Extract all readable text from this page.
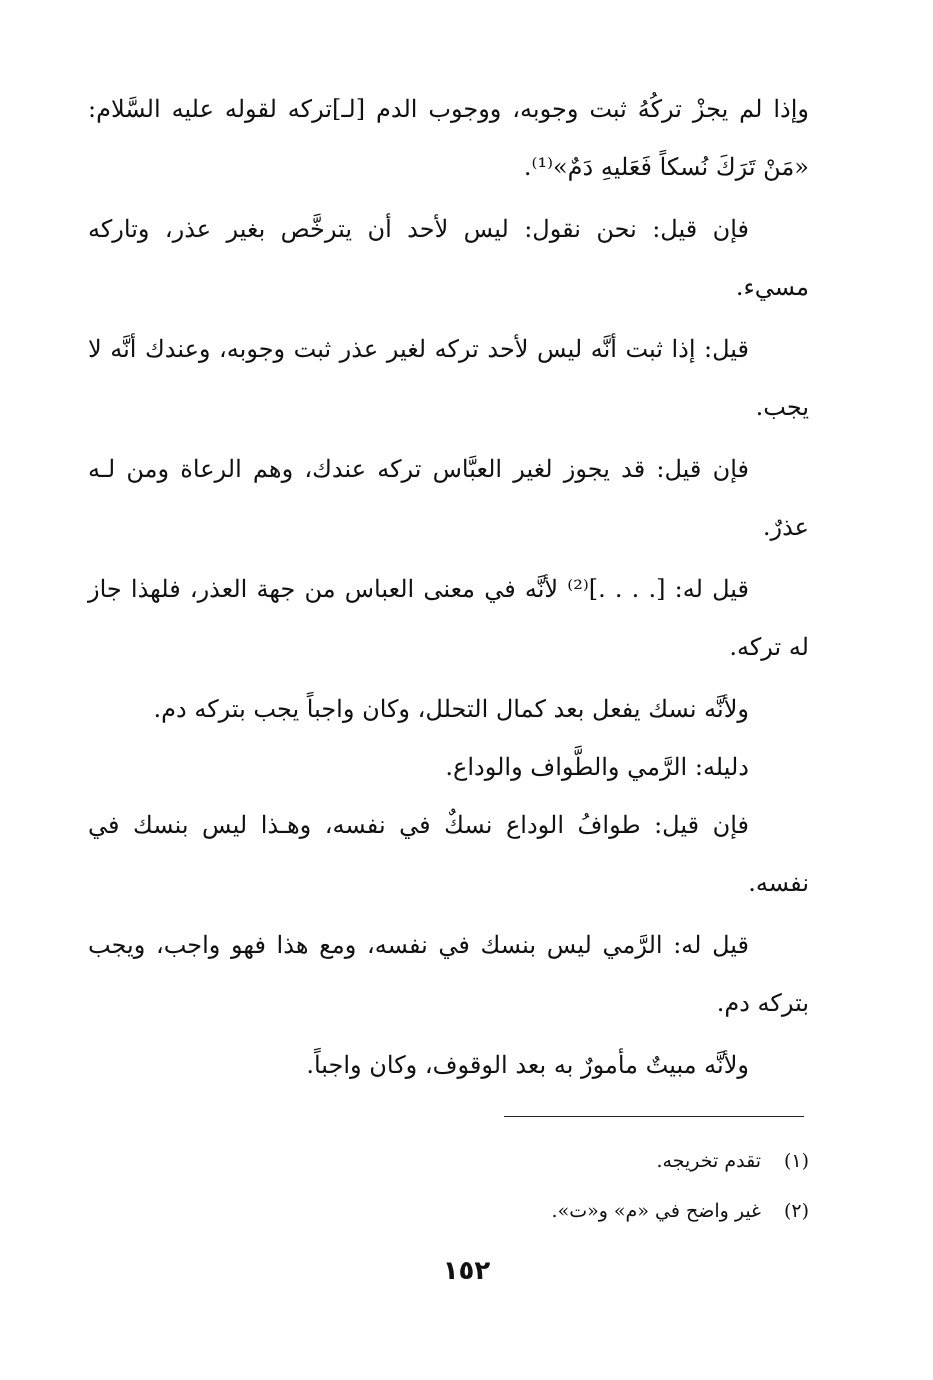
وإذا لم يجزْ تركُهُ ثبت وجوبه، ووجوب الدم [لـ]تركه لقوله عليه السَّلام: «مَنْ تَرَكَ نُسكاً فَعَليهِ دَمٌ»⁽¹⁾.

فإن قيل: نحن نقول: ليس لأحد أن يترخَّص بغير عذر، وتاركه مسيء.

قيل: إذا ثبت أنَّه ليس لأحد تركه لغير عذر ثبت وجوبه، وعندك أنَّه لا يجب.

فإن قيل: قد يجوز لغير العبَّاس تركه عندك، وهم الرعاة ومن لـه عذرٌ.

قيل له: [. . . .]⁽²⁾ لأنَّه في معنى العباس من جهة العذر، فلهذا جاز له تركه.

ولأنَّه نسك يفعل بعد كمال التحلل، وكان واجباً يجب بتركه دم.

دليله: الرَّمي والطَّواف والوداع.

فإن قيل: طوافُ الوداع نسكٌ في نفسه، وهـذا ليس بنسك في نفسه.

قيل له: الرَّمي ليس بنسك في نفسه، ومع هذا فهو واجب، ويجب بتركه دم.

ولأنَّه مبيتٌ مأمورٌ به بعد الوقوف، وكان واجباً.

(١)تقدم تخريجه.

(٢)غير واضح في «م» و«ت».

١٥٢
